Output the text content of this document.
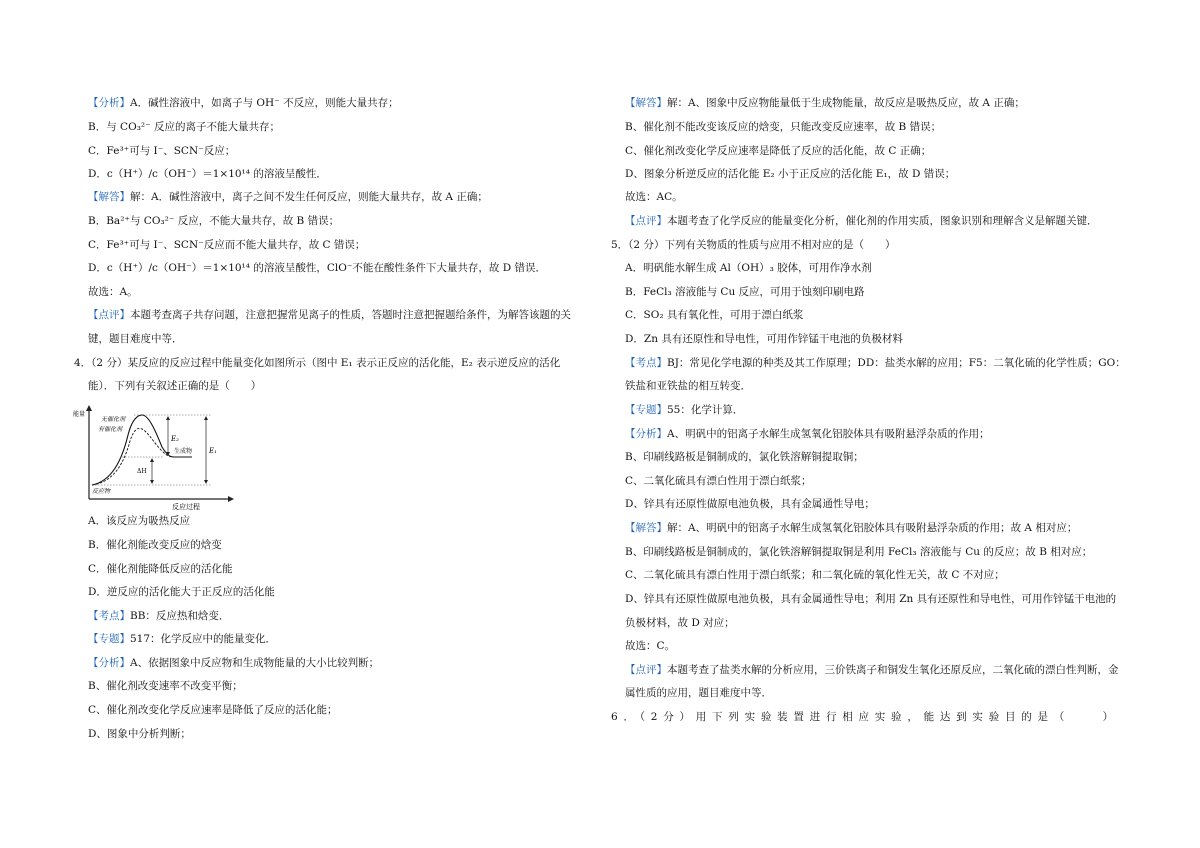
【分析】A．碱性溶液中，如离子与 OH⁻ 不反应，则能大量共存；
B．与 CO₃²⁻ 反应的离子不能大量共存；
C．Fe³⁺可与 I⁻、SCN⁻反应；
D．c（H⁺）/c（OH⁻）＝1×10¹⁴ 的溶液呈酸性．
【解答】解：A．碱性溶液中，离子之间不发生任何反应，则能大量共存，故 A 正确；
B．Ba²⁺与 CO₃²⁻ 反应，不能大量共存，故 B 错误；
C．Fe³⁺可与 I⁻、SCN⁻反应而不能大量共存，故 C 错误；
D．c（H⁺）/c（OH⁻）＝1×10¹⁴ 的溶液呈酸性，ClO⁻不能在酸性条件下大量共存，故 D 错误．
故选：A。
【点评】本题考查离子共存问题，注意把握常见离子的性质，答题时注意把握题给条件，为解答该题的关
键，题目难度中等．
4．（2 分）某反应的反应过程中能量变化如图所示（图中 E₁ 表示正反应的活化能，E₂ 表示逆反应的活化
能）．下列有关叙述正确的是（　　）
能量
反应过程
无催化剂
有催化剂
E₂
E₁
ΔH
生成物
反应物
A．该反应为吸热反应
B．催化剂能改变反应的焓变
C．催化剂能降低反应的活化能
D．逆反应的活化能大于正反应的活化能
【考点】BB：反应热和焓变．
【专题】517：化学反应中的能量变化．
【分析】A、依据图象中反应物和生成物能量的大小比较判断；
B、催化剂改变速率不改变平衡；
C、催化剂改变化学反应速率是降低了反应的活化能；
D、图象中分析判断；
【解答】解：A、图象中反应物能量低于生成物能量，故反应是吸热反应，故 A 正确；
B、催化剂不能改变该反应的焓变，只能改变反应速率，故 B 错误；
C、催化剂改变化学反应速率是降低了反应的活化能，故 C 正确；
D、图象分析逆反应的活化能 E₂ 小于正反应的活化能 E₁，故 D 错误；
故选：AC。
【点评】本题考查了化学反应的能量变化分析，催化剂的作用实质，图象识别和理解含义是解题关键．
5．（2 分）下列有关物质的性质与应用不相对应的是（　　）
A．明矾能水解生成 Al（OH）₃ 胶体，可用作净水剂
B．FeCl₃ 溶液能与 Cu 反应，可用于蚀刻印刷电路
C．SO₂ 具有氧化性，可用于漂白纸浆
D．Zn 具有还原性和导电性，可用作锌锰干电池的负极材料
【考点】BJ：常见化学电源的种类及其工作原理；DD：盐类水解的应用；F5：二氧化硫的化学性质；GO：
铁盐和亚铁盐的相互转变．
【专题】55：化学计算．
【分析】A、明矾中的铝离子水解生成氢氧化铝胶体具有吸附悬浮杂质的作用；
B、印刷线路板是铜制成的，氯化铁溶解铜提取铜；
C、二氧化硫具有漂白性用于漂白纸浆；
D、锌具有还原性做原电池负极，具有金属通性导电；
【解答】解：A、明矾中的铝离子水解生成氢氧化铝胶体具有吸附悬浮杂质的作用；故 A 相对应；
B、印刷线路板是铜制成的，氯化铁溶解铜提取铜是利用 FeCl₃ 溶液能与 Cu 的反应；故 B 相对应；
C、二氧化硫具有漂白性用于漂白纸浆；和二氧化硫的氧化性无关，故 C 不对应；
D、锌具有还原性做原电池负极，具有金属通性导电；利用 Zn 具有还原性和导电性，可用作锌锰干电池的
负极材料，故 D 对应；
故选：C。
【点评】本题考查了盐类水解的分析应用，三价铁离子和铜发生氧化还原反应，二氧化硫的漂白性判断，金
属性质的应用，题目难度中等．
6．（2分）用下列实验装置进行相应实验，能达到实验目的是（　　）
